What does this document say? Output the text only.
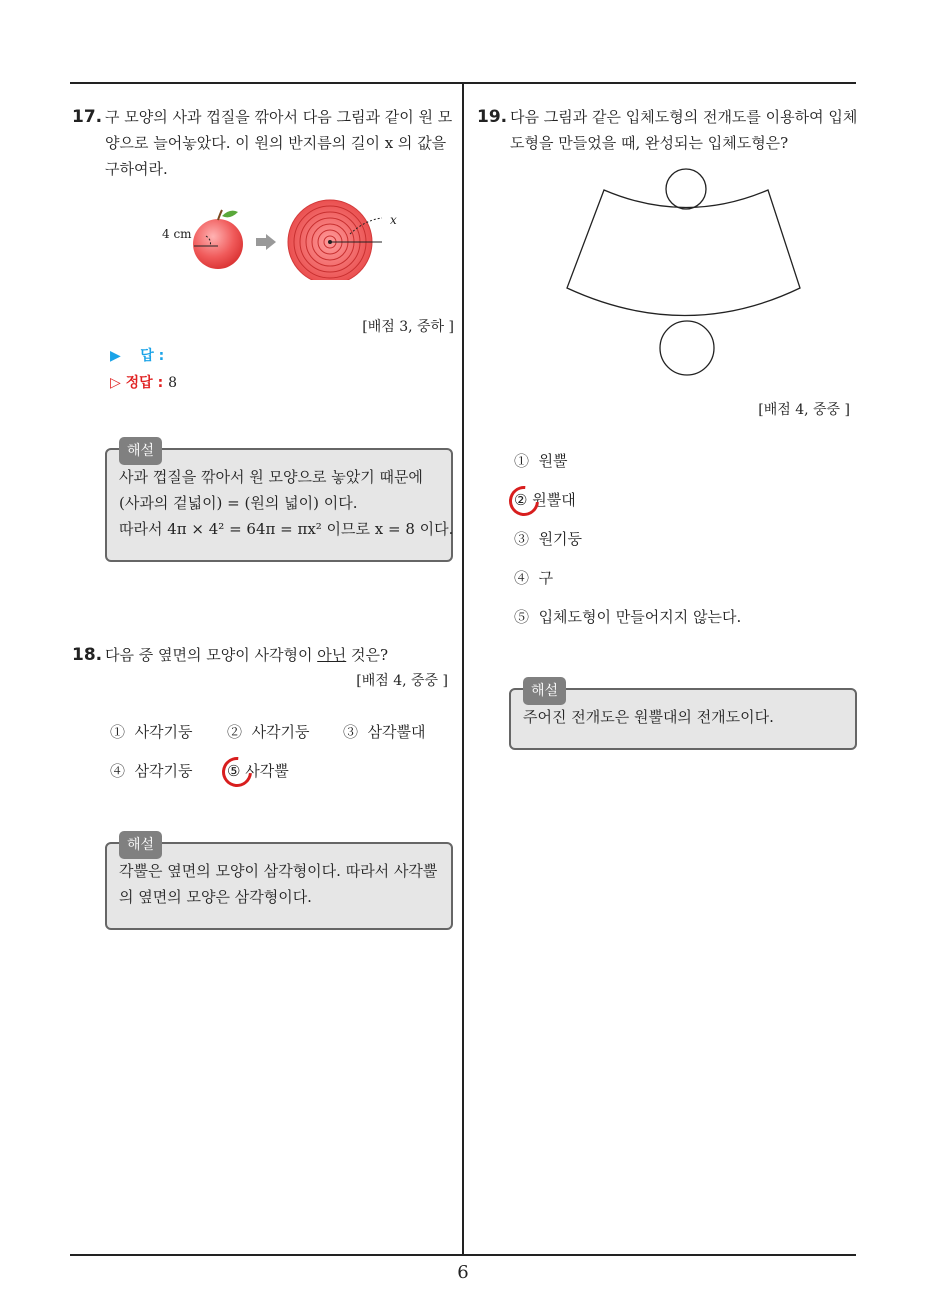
17. 구 모양의 사과 껍질을 깎아서 다음 그림과 같이 원 모
양으로 늘어놓았다. 이 원의 반지름의 길이 x 의 값을
구하여라.
4 cm
x
[배점 3, 중하 ]
▶ 답 :
▷ 정답 : 8
해설
사과 껍질을 깎아서 원 모양으로 놓았기 때문에
(사과의 겉넓이) = (원의 넓이) 이다.
따라서 4π × 4² = 64π = πx² 이므로 x = 8 이다.
18. 다음 중 옆면의 모양이 사각형이 아닌 것은?
[배점 4, 중중 ]
① 사각기둥 ② 사각기둥 ③ 삼각뿔대
④ 삼각기둥 ⑤ 사각뿔
해설
각뿔은 옆면의 모양이 삼각형이다. 따라서 사각뿔
의 옆면의 모양은 삼각형이다.
19. 다음 그림과 같은 입체도형의 전개도를 이용하여 입체
도형을 만들었을 때, 완성되는 입체도형은?
[배점 4, 중중 ]
① 원뿔
② 원뿔대
③ 원기둥
④ 구
⑤ 입체도형이 만들어지지 않는다.
해설
주어진 전개도은 원뿔대의 전개도이다.
6
